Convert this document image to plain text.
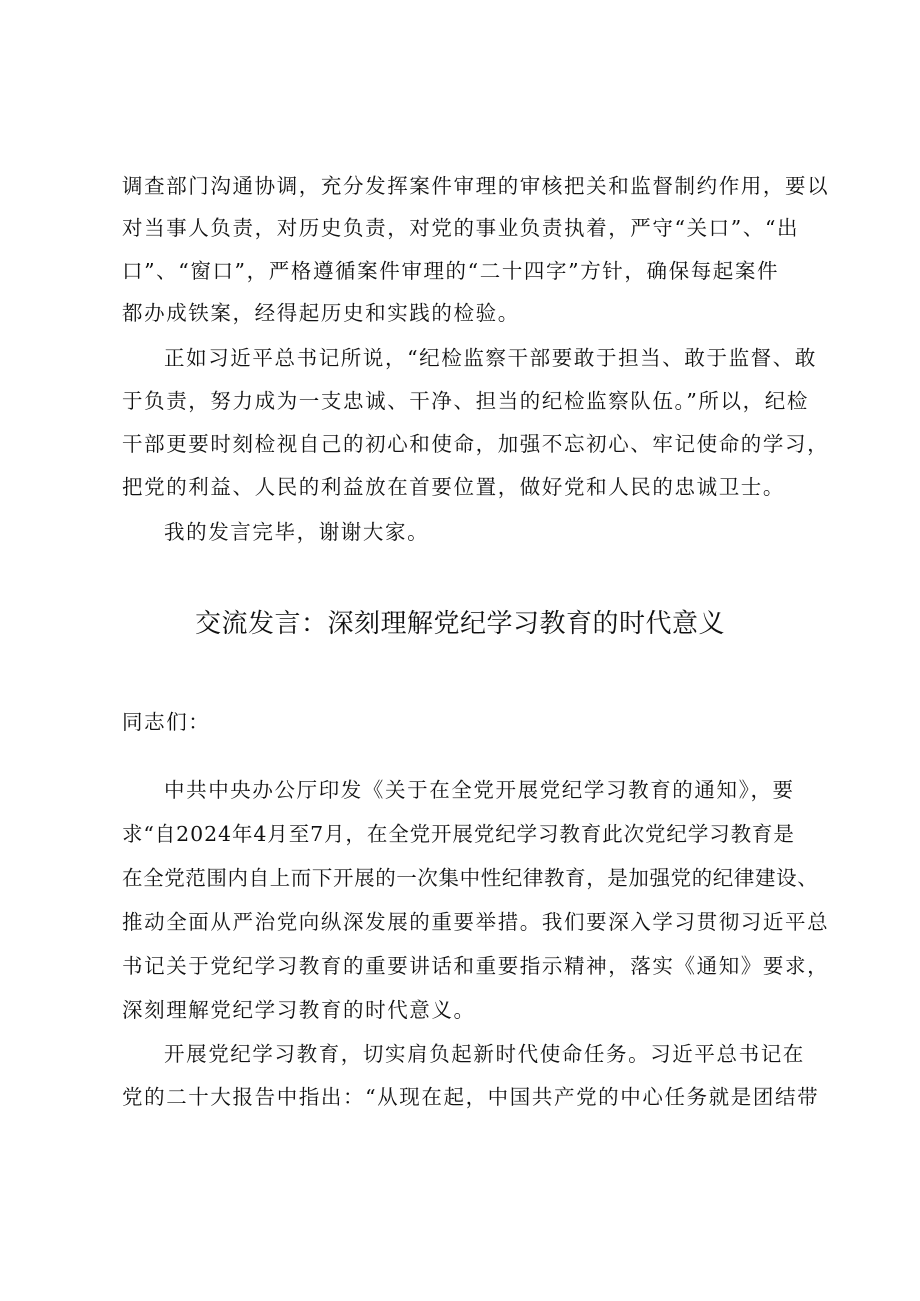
调查部门沟通协调，充分发挥案件审理的审核把关和监督制约作用，要以
对当事人负责，对历史负责，对党的事业负责执着，严守“关口”、“出
口”、“窗口”，严格遵循案件审理的“二十四字”方针，确保每起案件
都办成铁案，经得起历史和实践的检验。
正如习近平总书记所说，“纪检监察干部要敢于担当、敢于监督、敢
于负责，努力成为一支忠诚、干净、担当的纪检监察队伍。”所以，纪检
干部更要时刻检视自己的初心和使命，加强不忘初心、牢记使命的学习，
把党的利益、人民的利益放在首要位置，做好党和人民的忠诚卫士。
我的发言完毕，谢谢大家。
交流发言：深刻理解党纪学习教育的时代意义
同志们：
中共中央办公厅印发《关于在全党开展党纪学习教育的通知》，要
求“自2024年4月至7月，在全党开展党纪学习教育此次党纪学习教育是
在全党范围内自上而下开展的一次集中性纪律教育，是加强党的纪律建设、
推动全面从严治党向纵深发展的重要举措。我们要深入学习贯彻习近平总
书记关于党纪学习教育的重要讲话和重要指示精神，落实《通知》要求，
深刻理解党纪学习教育的时代意义。
开展党纪学习教育，切实肩负起新时代使命任务。习近平总书记在
党的二十大报告中指出：“从现在起，中国共产党的中心任务就是团结带
